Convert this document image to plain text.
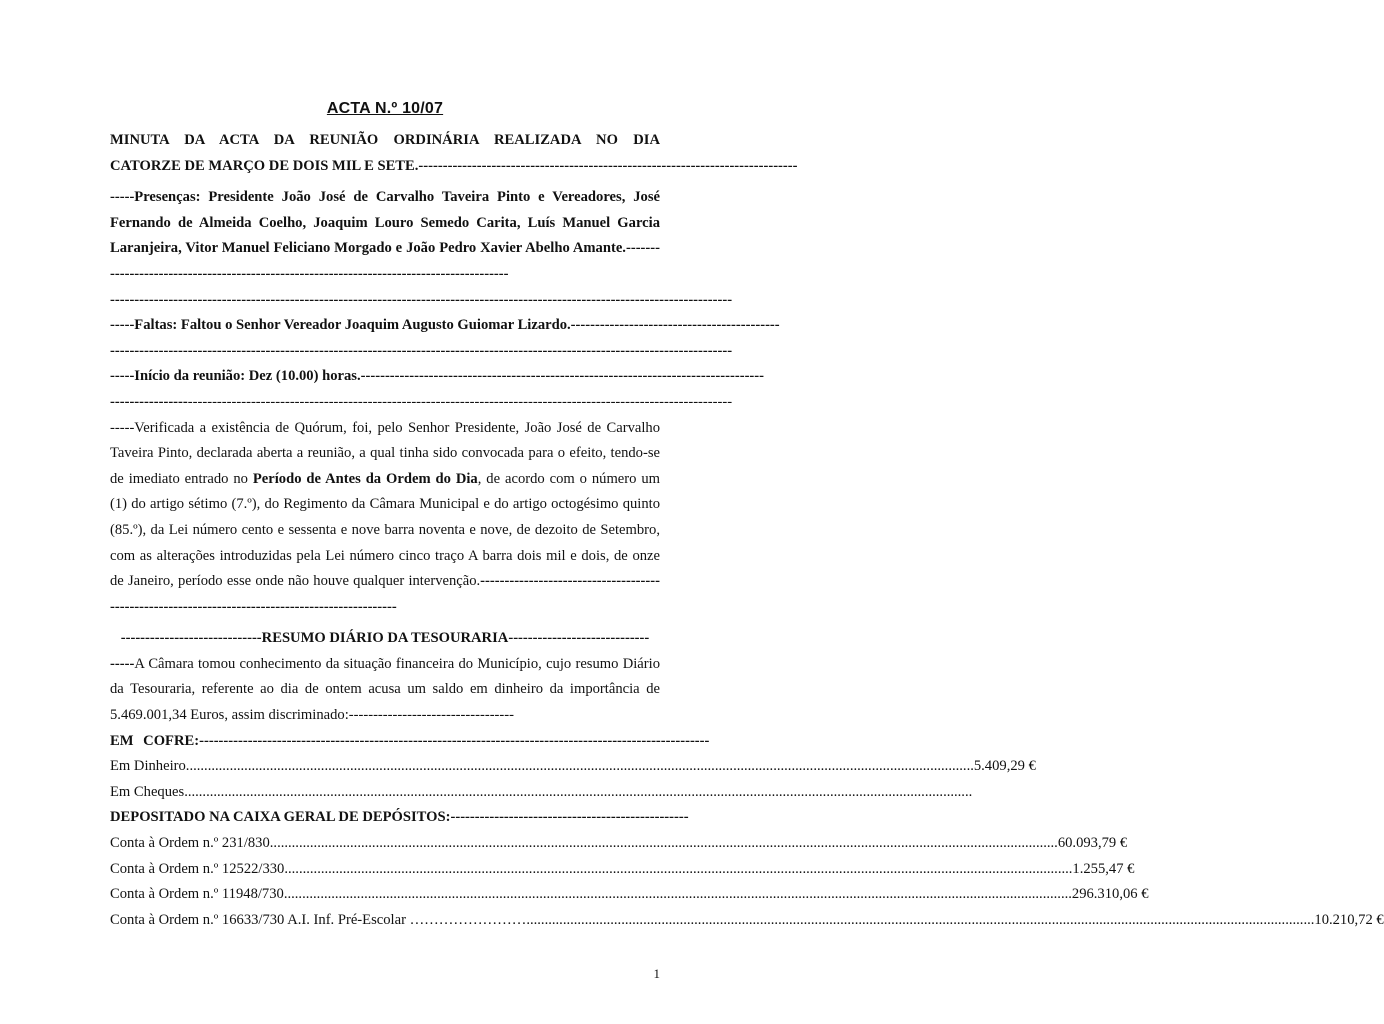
ACTA N.º 10/07

MINUTA DA ACTA DA REUNIÃO ORDINÁRIA REALIZADA NO DIA

CATORZE DE MARÇO DE DOIS MIL E SETE.------------------------------------------------------------------------------

-----Presenças: Presidente João José de Carvalho Taveira Pinto e Vereadores, José Fernando de Almeida Coelho, Joaquim Louro Semedo Carita, Luís Manuel Garcia Laranjeira, Vitor Manuel Feliciano Morgado e João Pedro Xavier Abelho Amante.-----------------------------------------------------------------------------------------

--------------------------------------------------------------------------------------------------------------------------------

-----Faltas: Faltou o Senhor Vereador Joaquim Augusto Guiomar Lizardo.-------------------------------------------

--------------------------------------------------------------------------------------------------------------------------------

-----Início da reunião: Dez (10.00) horas.-----------------------------------------------------------------------------------

--------------------------------------------------------------------------------------------------------------------------------

-----Verificada a existência de Quórum, foi, pelo Senhor Presidente, João José de Carvalho Taveira Pinto, declarada aberta a reunião, a qual tinha sido convocada para o efeito, tendo-se de imediato entrado no Período de Antes da Ordem do Dia, de acordo com o número um (1) do artigo sétimo (7.º), do Regimento da Câmara Municipal e do artigo octogésimo quinto (85.º), da Lei número cento e sessenta e nove barra noventa e nove, de dezoito de Setembro, com as alterações introduzidas pela Lei número cinco traço A barra dois mil e dois, de onze de Janeiro, período esse onde não houve qualquer intervenção.------------------------------------------------------------------------------------------------

-----------------------------RESUMO DIÁRIO DA TESOURARIA-----------------------------

-----A Câmara tomou conhecimento da situação financeira do Município, cujo resumo Diário da Tesouraria, referente ao dia de ontem acusa um saldo em dinheiro da importância de 5.469.001,34 Euros, assim discriminado:----------------------------------

EM COFRE:---------------------------------------------------------------------------------------------------------

Em Dinheiro .....	5.409,29 €
Em Cheques
.....

DEPOSITADO NA CAIXA GERAL DE DEPÓSITOS:-------------------------------------------------

Conta à Ordem n.º 231/830 .....	60.093,79 €
Conta à Ordem n.º 12522/330 .....	1.255,47 €
Conta à Ordem n.º 11948/730 .....	296.310,06 €
Conta à Ordem n.º 16633/730 A.I. Inf. Pré-Escolar …………………… .....	10.210,72 €
1
